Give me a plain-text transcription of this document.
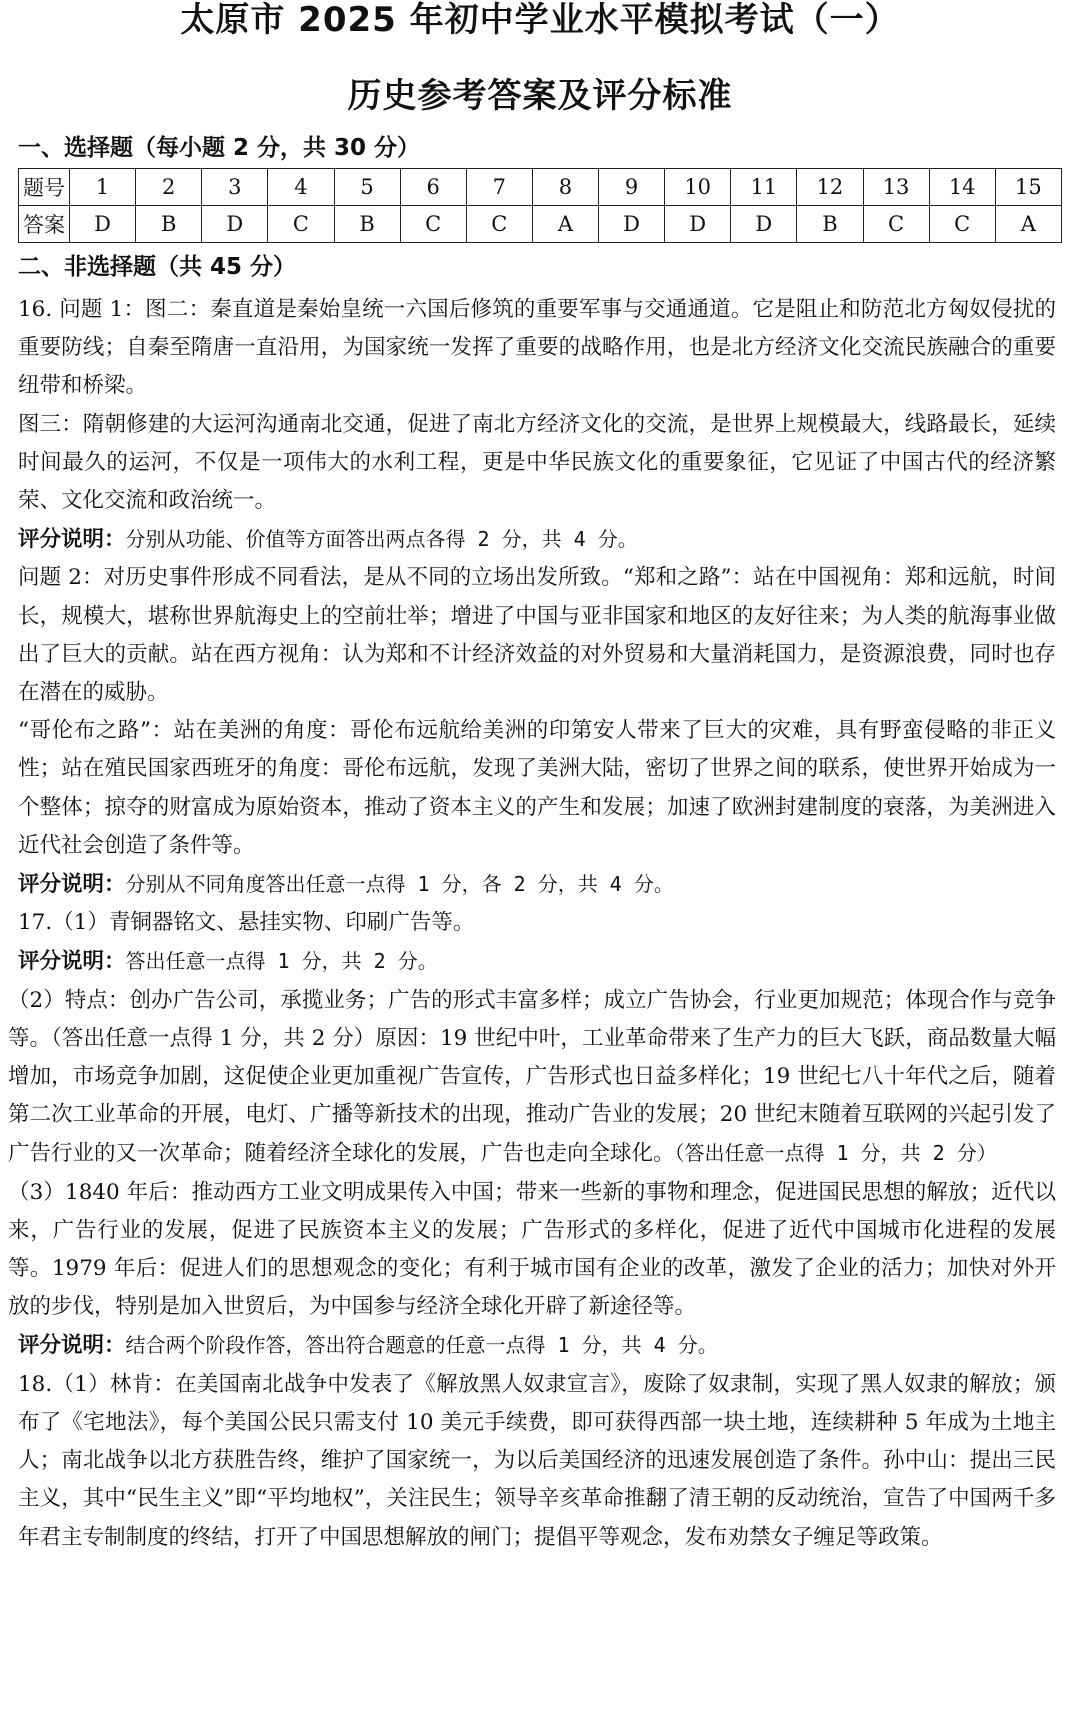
太原市 2025 年初中学业水平模拟考试（一）
历史参考答案及评分标准
一、选择题（每小题 2 分，共 30 分）
题号	1	2	3	4	5	6	7	8	9	10	11	12	13	14	15
答案	D	B	D	C	B	C	C	A	D	D	D	B	C	C	A
二、非选择题（共 45 分）

16. 问题 1：图二：秦直道是秦始皇统一六国后修筑的重要军事与交通通道。它是阻止和防范北方匈奴侵扰的重要防线；自秦至隋唐一直沿用，为国家统一发挥了重要的战略作用，也是北方经济文化交流民族融合的重要纽带和桥梁。

图三：隋朝修建的大运河沟通南北交通，促进了南北方经济文化的交流，是世界上规模最大，线路最长，延续时间最久的运河，不仅是一项伟大的水利工程，更是中华民族文化的重要象征，它见证了中国古代的经济繁荣、文化交流和政治统一。

评分说明：分别从功能、价值等方面答出两点各得 2 分，共 4 分。

问题 2：对历史事件形成不同看法，是从不同的立场出发所致。“郑和之路”：站在中国视角：郑和远航，时间长，规模大，堪称世界航海史上的空前壮举；增进了中国与亚非国家和地区的友好往来；为人类的航海事业做出了巨大的贡献。站在西方视角：认为郑和不计经济效益的对外贸易和大量消耗国力，是资源浪费，同时也存在潜在的威胁。

“哥伦布之路”：站在美洲的角度：哥伦布远航给美洲的印第安人带来了巨大的灾难，具有野蛮侵略的非正义性；站在殖民国家西班牙的角度：哥伦布远航，发现了美洲大陆，密切了世界之间的联系，使世界开始成为一个整体；掠夺的财富成为原始资本，推动了资本主义的产生和发展；加速了欧洲封建制度的衰落，为美洲进入近代社会创造了条件等。

评分说明：分别从不同角度答出任意一点得 1 分，各 2 分，共 4 分。

17.（1）青铜器铭文、悬挂实物、印刷广告等。

评分说明：答出任意一点得 1 分，共 2 分。

（2）特点：创办广告公司，承揽业务；广告的形式丰富多样；成立广告协会，行业更加规范；体现合作与竞争等。（答出任意一点得 1 分，共 2 分）原因：19 世纪中叶，工业革命带来了生产力的巨大飞跃，商品数量大幅增加，市场竞争加剧，这促使企业更加重视广告宣传，广告形式也日益多样化；19 世纪七八十年代之后，随着第二次工业革命的开展，电灯、广播等新技术的出现，推动广告业的发展；20 世纪末随着互联网的兴起引发了广告行业的又一次革命；随着经济全球化的发展，广告也走向全球化。（答出任意一点得 1 分，共 2 分）

（3）1840 年后：推动西方工业文明成果传入中国；带来一些新的事物和理念，促进国民思想的解放；近代以来，广告行业的发展，促进了民族资本主义的发展；广告形式的多样化，促进了近代中国城市化进程的发展等。1979 年后：促进人们的思想观念的变化；有利于城市国有企业的改革，激发了企业的活力；加快对外开放的步伐，特别是加入世贸后，为中国参与经济全球化开辟了新途径等。

评分说明：结合两个阶段作答，答出符合题意的任意一点得 1 分，共 4 分。

18.（1）林肯：在美国南北战争中发表了《解放黑人奴隶宣言》，废除了奴隶制，实现了黑人奴隶的解放；颁布了《宅地法》，每个美国公民只需支付 10 美元手续费，即可获得西部一块土地，连续耕种 5 年成为土地主人；南北战争以北方获胜告终，维护了国家统一，为以后美国经济的迅速发展创造了条件。孙中山：提出三民主义，其中“民生主义”即“平均地权”，关注民生；领导辛亥革命推翻了清王朝的反动统治，宣告了中国两千多年君主专制制度的终结，打开了中国思想解放的闸门；提倡平等观念，发布劝禁女子缠足等政策。
